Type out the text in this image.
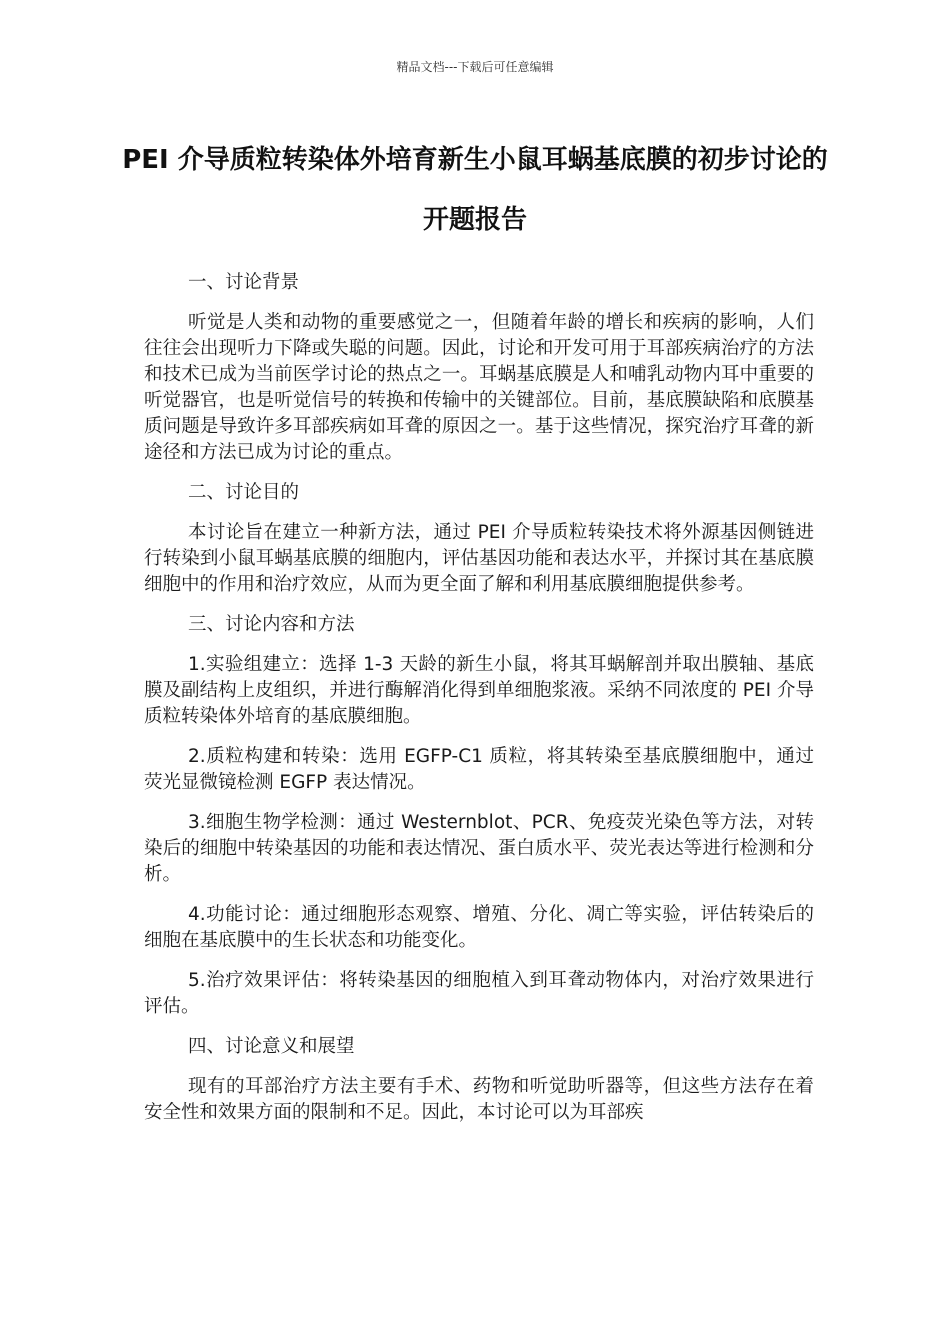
精品文档---下载后可任意编辑
PEI 介导质粒转染体外培育新生小鼠耳蜗基底膜的初步讨论的开题报告

一、讨论背景

听觉是人类和动物的重要感觉之一，但随着年龄的增长和疾病的影响，人们往往会出现听力下降或失聪的问题。因此，讨论和开发可用于耳部疾病治疗的方法和技术已成为当前医学讨论的热点之一。耳蜗基底膜是人和哺乳动物内耳中重要的听觉器官，也是听觉信号的转换和传输中的关键部位。目前，基底膜缺陷和底膜基质问题是导致许多耳部疾病如耳聋的原因之一。基于这些情况，探究治疗耳聋的新途径和方法已成为讨论的重点。

二、讨论目的

本讨论旨在建立一种新方法，通过 PEI 介导质粒转染技术将外源基因侧链进行转染到小鼠耳蜗基底膜的细胞内，评估基因功能和表达水平，并探讨其在基底膜细胞中的作用和治疗效应，从而为更全面了解和利用基底膜细胞提供参考。

三、讨论内容和方法

1.实验组建立：选择 1-3 天龄的新生小鼠，将其耳蜗解剖并取出膜轴、基底膜及副结构上皮组织，并进行酶解消化得到单细胞浆液。采纳不同浓度的 PEI 介导质粒转染体外培育的基底膜细胞。

2.质粒构建和转染：选用 EGFP-C1 质粒，将其转染至基底膜细胞中，通过荧光显微镜检测 EGFP 表达情况。

3.细胞生物学检测：通过 Westernblot、PCR、免疫荧光染色等方法，对转染后的细胞中转染基因的功能和表达情况、蛋白质水平、荧光表达等进行检测和分析。

4.功能讨论：通过细胞形态观察、增殖、分化、凋亡等实验，评估转染后的细胞在基底膜中的生长状态和功能变化。

5.治疗效果评估：将转染基因的细胞植入到耳聋动物体内，对治疗效果进行评估。

四、讨论意义和展望

现有的耳部治疗方法主要有手术、药物和听觉助听器等，但这些方法存在着安全性和效果方面的限制和不足。因此，本讨论可以为耳部疾
